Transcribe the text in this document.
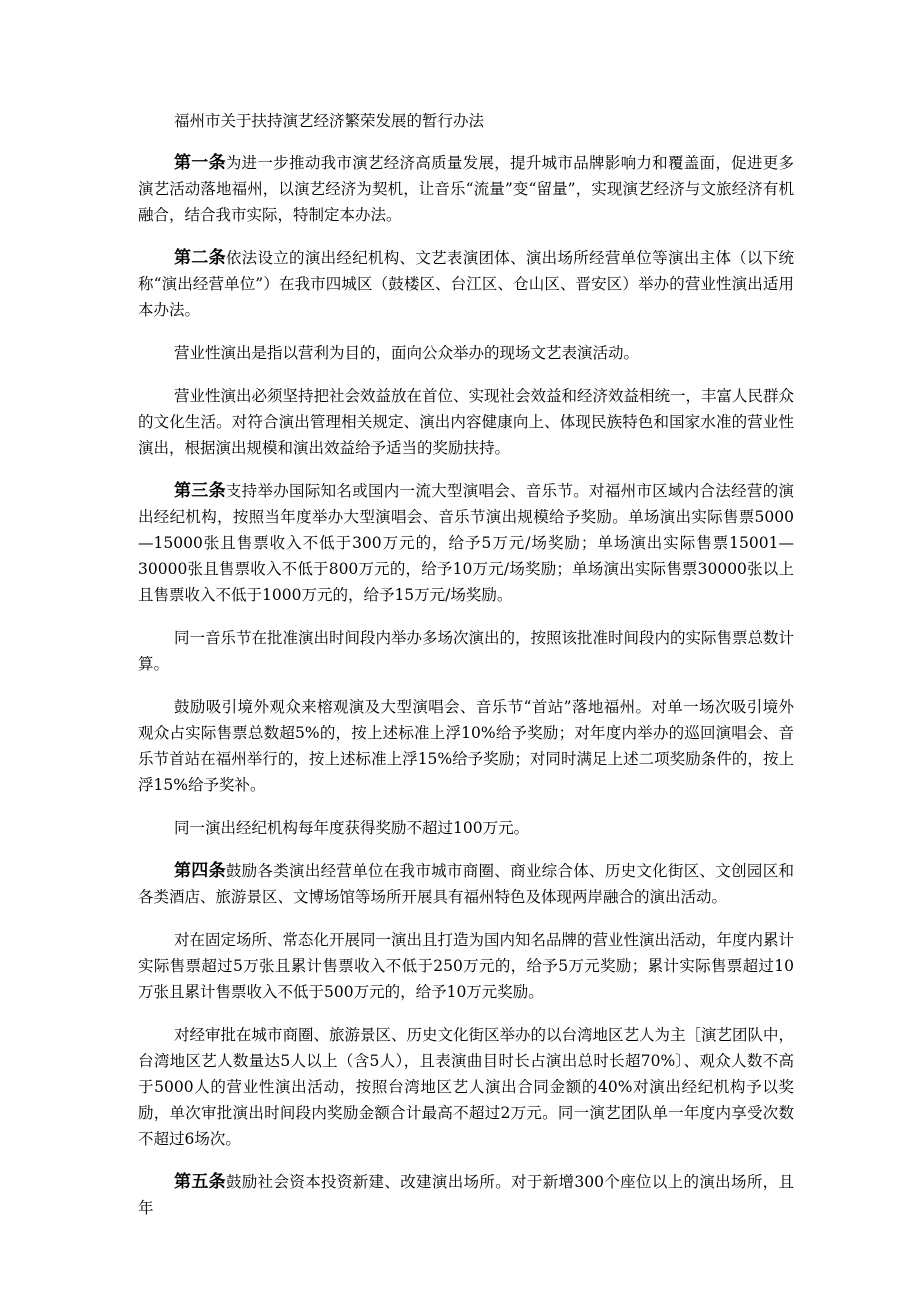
福州市关于扶持演艺经济繁荣发展的暂行办法

第一条为进一步推动我市演艺经济高质量发展，提升城市品牌影响力和覆盖面，促进更多演艺活动落地福州，以演艺经济为契机，让音乐“流量”变“留量”，实现演艺经济与文旅经济有机融合，结合我市实际，特制定本办法。

第二条依法设立的演出经纪机构、文艺表演团体、演出场所经营单位等演出主体（以下统称“演出经营单位”）在我市四城区（鼓楼区、台江区、仓山区、晋安区）举办的营业性演出适用本办法。

营业性演出是指以营利为目的，面向公众举办的现场文艺表演活动。

营业性演出必须坚持把社会效益放在首位、实现社会效益和经济效益相统一，丰富人民群众的文化生活。对符合演出管理相关规定、演出内容健康向上、体现民族特色和国家水准的营业性演出，根据演出规模和演出效益给予适当的奖励扶持。

第三条支持举办国际知名或国内一流大型演唱会、音乐节。对福州市区域内合法经营的演出经纪机构，按照当年度举办大型演唱会、音乐节演出规模给予奖励。单场演出实际售票5000—15000张且售票收入不低于300万元的，给予5万元/场奖励；单场演出实际售票15001—30000张且售票收入不低于800万元的，给予10万元/场奖励；单场演出实际售票30000张以上且售票收入不低于1000万元的，给予15万元/场奖励。

同一音乐节在批准演出时间段内举办多场次演出的，按照该批准时间段内的实际售票总数计算。

鼓励吸引境外观众来榕观演及大型演唱会、音乐节“首站”落地福州。对单一场次吸引境外观众占实际售票总数超5%的，按上述标准上浮10%给予奖励；对年度内举办的巡回演唱会、音乐节首站在福州举行的，按上述标准上浮15%给予奖励；对同时满足上述二项奖励条件的，按上浮15%给予奖补。

同一演出经纪机构每年度获得奖励不超过100万元。

第四条鼓励各类演出经营单位在我市城市商圈、商业综合体、历史文化街区、文创园区和各类酒店、旅游景区、文博场馆等场所开展具有福州特色及体现两岸融合的演出活动。

对在固定场所、常态化开展同一演出且打造为国内知名品牌的营业性演出活动，年度内累计实际售票超过5万张且累计售票收入不低于250万元的，给予5万元奖励；累计实际售票超过10万张且累计售票收入不低于500万元的，给予10万元奖励。

对经审批在城市商圈、旅游景区、历史文化街区举办的以台湾地区艺人为主［演艺团队中，台湾地区艺人数量达5人以上（含5人），且表演曲目时长占演出总时长超70%〕、观众人数不高于5000人的营业性演出活动，按照台湾地区艺人演出合同金额的40%对演出经纪机构予以奖励，单次审批演出时间段内奖励金额合计最高不超过2万元。同一演艺团队单一年度内享受次数不超过6场次。

第五条鼓励社会资本投资新建、改建演出场所。对于新增300个座位以上的演出场所，且年
